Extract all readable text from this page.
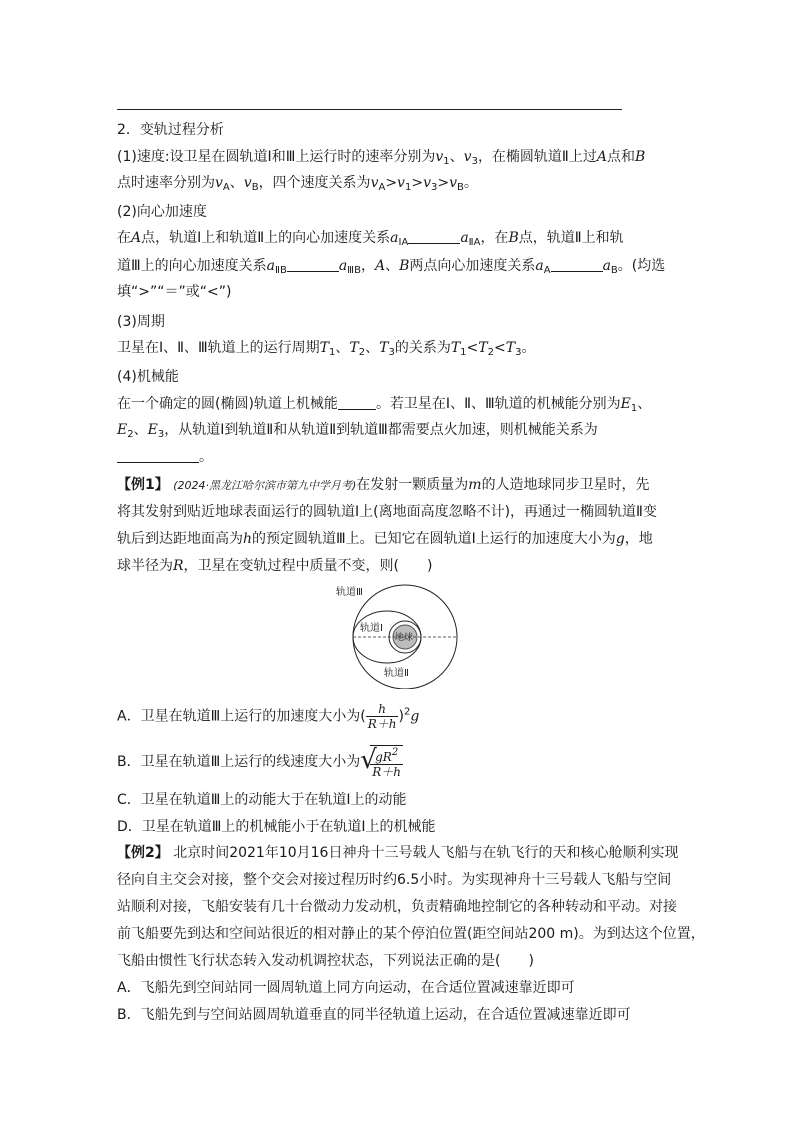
2．变轨过程分析
(1)速度:设卫星在圆轨道Ⅰ和Ⅲ上运行时的速率分别为$v_1$、$v_3$，在椭圆轨道Ⅱ上过A点和B
点时速率分别为$v_A$、$v_B$，四个速度关系为$v_A>v_1>v_3>v_B$。
(2)向心加速度
在A点，轨道Ⅰ上和轨道Ⅱ上的向心加速度关系$a_{ⅠA}$	$a_{ⅡA}$，在B点，轨道Ⅱ上和轨
道Ⅲ上的向心加速度关系$a_{ⅡB}$	$a_{ⅢB}$，A、B两点向心加速度关系$a_A$	$a_B$。(均选
填“>”“＝”或“<”)
(3)周期
卫星在Ⅰ、Ⅱ、Ⅲ轨道上的运行周期$T_1$、$T_2$、$T_3$的关系为$T_1<T_2<T_3$。
(4)机械能
在一个确定的圆(椭圆)轨道上机械能	。若卫星在Ⅰ、Ⅱ、Ⅲ轨道的机械能分别为$E_1$、
$E_2$、$E_3$，从轨道Ⅰ到轨道Ⅱ和从轨道Ⅱ到轨道Ⅲ都需要点火加速，则机械能关系为
。
【例1】 (2024·黑龙江哈尔滨市第九中学月考)在发射一颗质量为m的人造地球同步卫星时，先
将其发射到贴近地球表面运行的圆轨道Ⅰ上(离地面高度忽略不计)，再通过一椭圆轨道Ⅱ变
轨后到达距地面高为h的预定圆轨道Ⅲ上。已知它在圆轨道Ⅰ上运行的加速度大小为g，地
球半径为R，卫星在变轨过程中质量不变，则(　　)
轨道Ⅲ
轨道Ⅰ
地球
轨道Ⅱ
A．卫星在轨道Ⅲ上运行的加速度大小为( $\frac{h}{R+h} )^2g$
B．卫星在轨道Ⅲ上运行的线速度大小为 √
$\frac{gR^2}{R+h}$
C．卫星在轨道Ⅲ上的动能大于在轨道Ⅰ上的动能
D．卫星在轨道Ⅲ上的机械能小于在轨道Ⅰ上的机械能
【例2】 北京时间2021年10月16日神舟十三号载人飞船与在轨飞行的天和核心舱顺利实现
径向自主交会对接，整个交会对接过程历时约6.5小时。为实现神舟十三号载人飞船与空间
站顺利对接，飞船安装有几十台微动力发动机，负责精确地控制它的各种转动和平动。对接
前飞船要先到达和空间站很近的相对静止的某个停泊位置(距空间站200 m)。为到达这个位置，
飞船由惯性飞行状态转入发动机调控状态，下列说法正确的是(　　)
A．飞船先到空间站同一圆周轨道上同方向运动，在合适位置减速靠近即可
B．飞船先到与空间站圆周轨道垂直的同半径轨道上运动，在合适位置减速靠近即可
